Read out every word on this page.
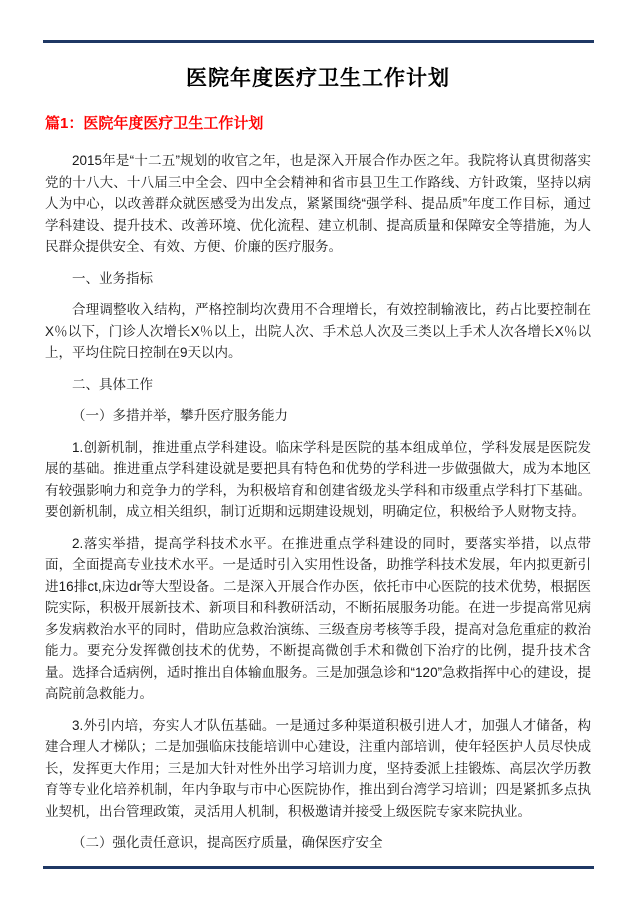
医院年度医疗卫生工作计划
篇1：医院年度医疗卫生工作计划

2015年是“十二五”规划的收官之年，也是深入开展合作办医之年。我院将认真贯彻落实党的十八大、十八届三中全会、四中全会精神和省市县卫生工作路线、方针政策，坚持以病人为中心，以改善群众就医感受为出发点，紧紧围绕“强学科、提品质”年度工作目标，通过学科建设、提升技术、改善环境、优化流程、建立机制、提高质量和保障安全等措施，为人民群众提供安全、有效、方便、价廉的医疗服务。

一、业务指标

合理调整收入结构，严格控制均次费用不合理增长，有效控制输液比，药占比要控制在X％以下，门诊人次增长X％以上，出院人次、手术总人次及三类以上手术人次各增长X％以上，平均住院日控制在9天以内。

二、具体工作

（一）多措并举，攀升医疗服务能力

1.创新机制，推进重点学科建设。临床学科是医院的基本组成单位，学科发展是医院发展的基础。推进重点学科建设就是要把具有特色和优势的学科进一步做强做大，成为本地区有较强影响力和竞争力的学科，为积极培育和创建省级龙头学科和市级重点学科打下基础。要创新机制，成立相关组织，制订近期和远期建设规划，明确定位，积极给予人财物支持。

2.落实举措，提高学科技术水平。在推进重点学科建设的同时，要落实举措，以点带面，全面提高专业技术水平。一是适时引入实用性设备，助推学科技术发展，年内拟更新引进16排ct,床边dr等大型设备。二是深入开展合作办医，依托市中心医院的技术优势，根据医院实际，积极开展新技术、新项目和科教研活动，不断拓展服务功能。在进一步提高常见病多发病救治水平的同时，借助应急救治演练、三级查房考核等手段，提高对急危重症的救治能力。要充分发挥微创技术的优势，不断提高微创手术和微创下治疗的比例，提升技术含量。选择合适病例，适时推出自体输血服务。三是加强急诊和“120”急救指挥中心的建设，提高院前急救能力。

3.外引内培，夯实人才队伍基础。一是通过多种渠道积极引进人才，加强人才储备，构建合理人才梯队；二是加强临床技能培训中心建设，注重内部培训，使年轻医护人员尽快成长，发挥更大作用；三是加大针对性外出学习培训力度，坚持委派上挂锻炼、高层次学历教育等专业化培养机制，年内争取与市中心医院协作，推出到台湾学习培训；四是紧抓多点执业契机，出台管理政策，灵活用人机制，积极邀请并接受上级医院专家来院执业。

（二）强化责任意识，提高医疗质量，确保医疗安全
